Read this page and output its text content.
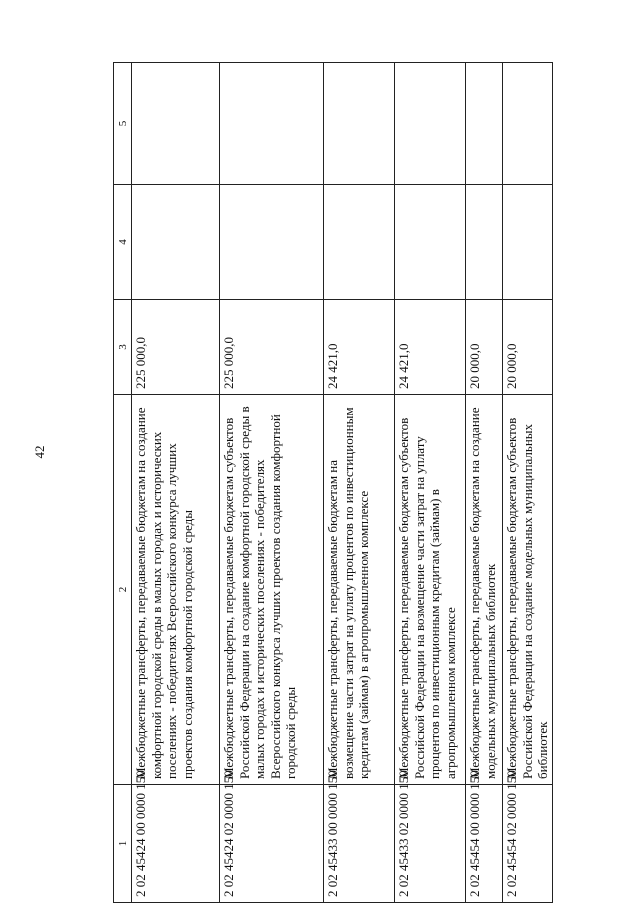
42
1	2	3	4	5
2 02 45424 00 0000 150	Межбюджетные трансферты, передаваемые бюджетам на создание комфортной городской среды в малых городах и исторических поселениях - победителях Всероссийского конкурса лучших проектов создания комфортной городской среды	225 000,0		
2 02 45424 02 0000 150	Межбюджетные трансферты, передаваемые бюджетам субъектов Российской Федерации на создание комфортной городской среды в малых городах и исторических поселениях - победителях Всероссийского конкурса лучших проектов создания комфортной городской среды	225 000,0		
2 02 45433 00 0000 150	Межбюджетные трансферты, передаваемые бюджетам на возмещение части затрат на уплату процентов по инвестиционным кредитам (займам) в агропромышленном комплексе	24 421,0		
2 02 45433 02 0000 150	Межбюджетные трансферты, передаваемые бюджетам субъектов Российской Федерации на возмещение части затрат на уплату процентов по инвестиционным кредитам (займам) в агропромышленном комплексе	24 421,0		
2 02 45454 00 0000 150	Межбюджетные трансферты, передаваемые бюджетам на создание модельных муниципальных библиотек	20 000,0		
2 02 45454 02 0000 150	Межбюджетные трансферты, передаваемые бюджетам субъектов Российской Федерации на создание модельных муниципальных библиотек	20 000,0		
